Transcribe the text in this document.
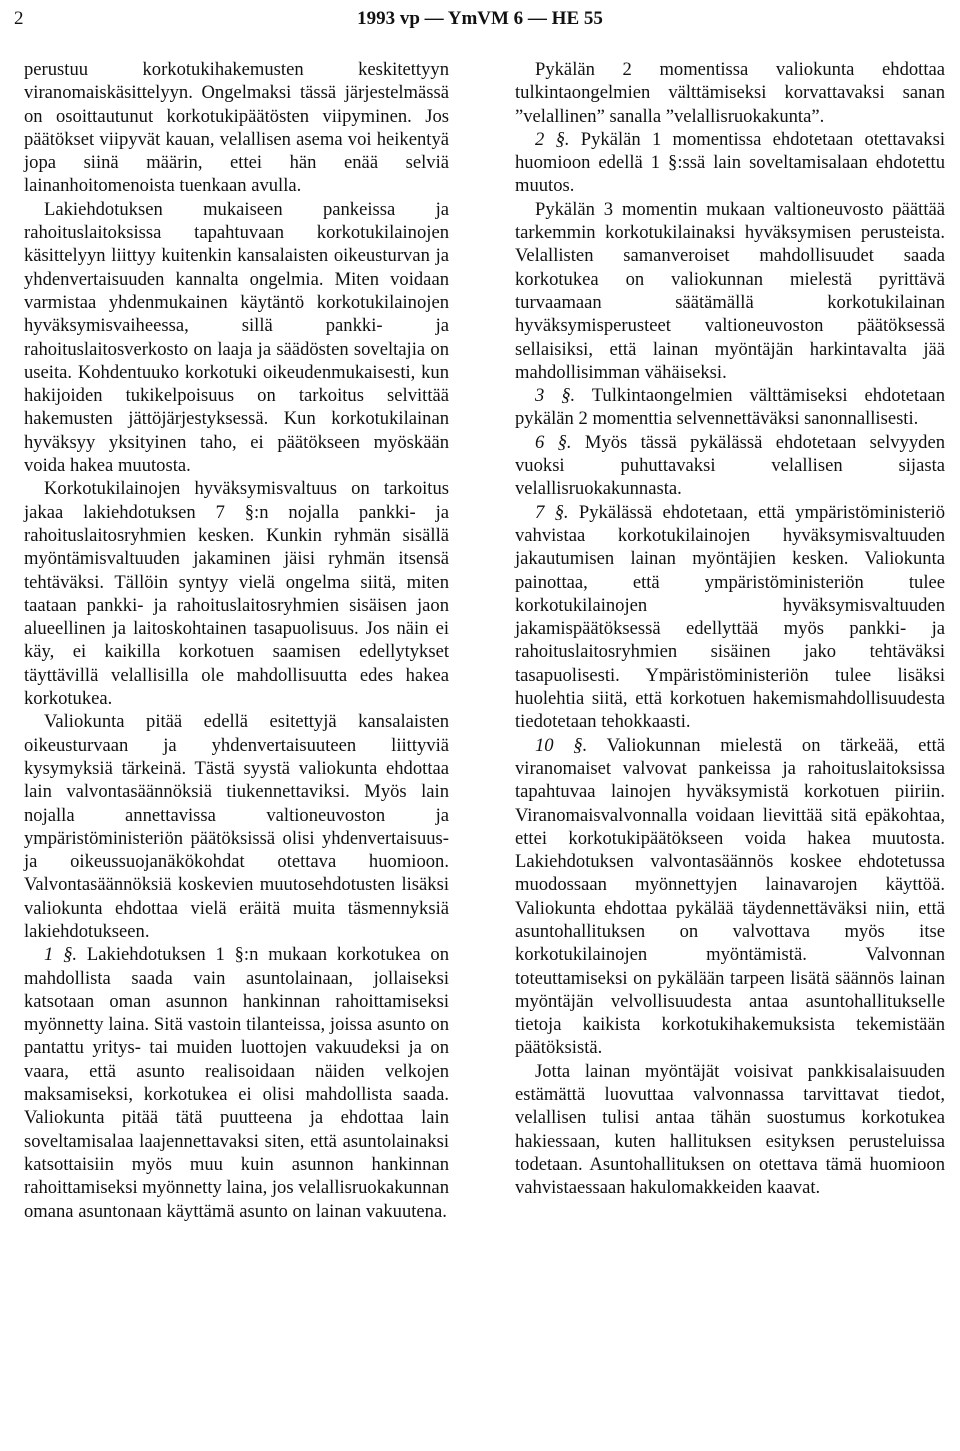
2	1993 vp — YmVM 6 — HE 55

perustuu korkotukihakemusten keskitettyyn viranomaiskäsittelyyn. Ongelmaksi tässä järjestelmässä on osoittautunut korkotukipäätösten viipyminen. Jos päätökset viipyvät kauan, velallisen asema voi heikentyä jopa siinä määrin, ettei hän enää selviä lainanhoitomenoista tuenkaan avulla.

Lakiehdotuksen mukaiseen pankeissa ja rahoituslaitoksissa tapahtuvaan korkotukilainojen käsittelyyn liittyy kuitenkin kansalaisten oikeusturvan ja yhdenvertaisuuden kannalta ongelmia. Miten voidaan varmistaa yhdenmukainen käytäntö korkotukilainojen hyväksymisvaiheessa, sillä pankki- ja rahoituslaitosverkosto on laaja ja säädösten soveltajia on useita. Kohdentuuko korkotuki oikeudenmukaisesti, kun hakijoiden tukikelpoisuus on tarkoitus selvittää hakemusten jättöjärjestyksessä. Kun korkotukilainan hyväksyy yksityinen taho, ei päätökseen myöskään voida hakea muutosta.

Korkotukilainojen hyväksymisvaltuus on tarkoitus jakaa lakiehdotuksen 7 §:n nojalla pankki- ja rahoituslaitosryhmien kesken. Kunkin ryhmän sisällä myöntämisvaltuuden jakaminen jäisi ryhmän itsensä tehtäväksi. Tällöin syntyy vielä ongelma siitä, miten taataan pankki- ja rahoituslaitosryhmien sisäisen jaon alueellinen ja laitoskohtainen tasapuolisuus. Jos näin ei käy, ei kaikilla korkotuen saamisen edellytykset täyttävillä velallisilla ole mahdollisuutta edes hakea korkotukea.

Valiokunta pitää edellä esitettyjä kansalaisten oikeusturvaan ja yhdenvertaisuuteen liittyviä kysymyksiä tärkeinä. Tästä syystä valiokunta ehdottaa lain valvontasäännöksiä tiukennettaviksi. Myös lain nojalla annettavissa valtioneuvoston ja ympäristöministeriön päätöksissä olisi yhdenvertaisuus- ja oikeussuojanäkökohdat otettava huomioon. Valvontasäännöksiä koskevien muutosehdotusten lisäksi valiokunta ehdottaa vielä eräitä muita täsmennyksiä lakiehdotukseen.

1 §. Lakiehdotuksen 1 §:n mukaan korkotukea on mahdollista saada vain asuntolainaan, jollaiseksi katsotaan oman asunnon hankinnan rahoittamiseksi myönnetty laina. Sitä vastoin tilanteissa, joissa asunto on pantattu yritys- tai muiden luottojen vakuudeksi ja on vaara, että asunto realisoidaan näiden velkojen maksamiseksi, korkotukea ei olisi mahdollista saada. Valiokunta pitää tätä puutteena ja ehdottaa lain soveltamisalaa laajennettavaksi siten, että asuntolainaksi katsottaisiin myös muu kuin asunnon hankinnan rahoittamiseksi myönnetty laina, jos velallisruokakunnan omana asuntonaan käyttämä asunto on lainan vakuutena.

Pykälän 2 momentissa valiokunta ehdottaa tulkintaongelmien välttämiseksi korvattavaksi sanan ”velallinen” sanalla ”velallisruokakunta”.

2 §. Pykälän 1 momentissa ehdotetaan otettavaksi huomioon edellä 1 §:ssä lain soveltamisalaan ehdotettu muutos.

Pykälän 3 momentin mukaan valtioneuvosto päättää tarkemmin korkotukilainaksi hyväksymisen perusteista. Velallisten samanveroiset mahdollisuudet saada korkotukea on valiokunnan mielestä pyrittävä turvaamaan säätämällä korkotukilainan hyväksymisperusteet valtioneuvoston päätöksessä sellaisiksi, että lainan myöntäjän harkintavalta jää mahdollisimman vähäiseksi.

3 §. Tulkintaongelmien välttämiseksi ehdotetaan pykälän 2 momenttia selvennettäväksi sanonnallisesti.

6 §. Myös tässä pykälässä ehdotetaan selvyyden vuoksi puhuttavaksi velallisen sijasta velallisruokakunnasta.

7 §. Pykälässä ehdotetaan, että ympäristöministeriö vahvistaa korkotukilainojen hyväksymisvaltuuden jakautumisen lainan myöntäjien kesken. Valiokunta painottaa, että ympäristöministeriön tulee korkotukilainojen hyväksymisvaltuuden jakamispäätöksessä edellyttää myös pankki- ja rahoituslaitosryhmien sisäinen jako tehtäväksi tasapuolisesti. Ympäristöministeriön tulee lisäksi huolehtia siitä, että korkotuen hakemismahdollisuudesta tiedotetaan tehokkaasti.

10 §. Valiokunnan mielestä on tärkeää, että viranomaiset valvovat pankeissa ja rahoituslaitoksissa tapahtuvaa lainojen hyväksymistä korkotuen piiriin. Viranomaisvalvonnalla voidaan lievittää sitä epäkohtaa, ettei korkotukipäätökseen voida hakea muutosta. Lakiehdotuksen valvontasäännös koskee ehdotetussa muodossaan myönnettyjen lainavarojen käyttöä. Valiokunta ehdottaa pykälää täydennettäväksi niin, että asuntohallituksen on valvottava myös itse korkotukilainojen myöntämistä. Valvonnan toteuttamiseksi on pykälään tarpeen lisätä säännös lainan myöntäjän velvollisuudesta antaa asuntohallitukselle tietoja kaikista korkotukihakemuksista tekemistään päätöksistä.

Jotta lainan myöntäjät voisivat pankkisalaisuuden estämättä luovuttaa valvonnassa tarvittavat tiedot, velallisen tulisi antaa tähän suostumus korkotukea hakiessaan, kuten hallituksen esityksen perusteluissa todetaan. Asuntohallituksen on otettava tämä huomioon vahvistaessaan hakulomakkeiden kaavat.
